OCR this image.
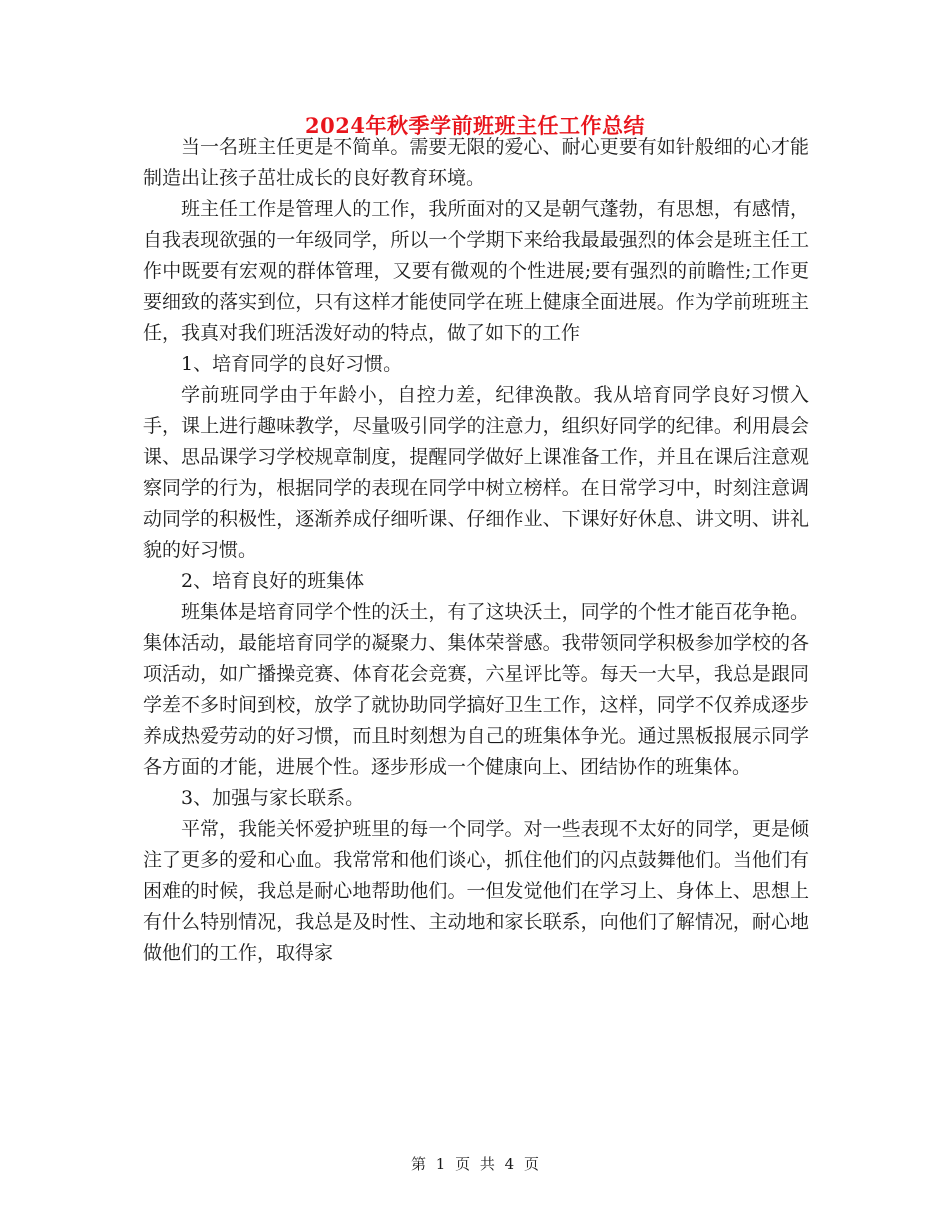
2024年秋季学前班班主任工作总结

当一名班主任更是不简单。需要无限的爱心、耐心更要有如针般细的心才能制造出让孩子茁壮成长的良好教育环境。

班主任工作是管理人的工作，我所面对的又是朝气蓬勃，有思想，有感情，自我表现欲强的一年级同学，所以一个学期下来给我最最强烈的体会是班主任工作中既要有宏观的群体管理，又要有微观的个性进展;要有强烈的前瞻性;工作更要细致的落实到位，只有这样才能使同学在班上健康全面进展。作为学前班班主任，我真对我们班活泼好动的特点，做了如下的工作

1、培育同学的良好习惯。

学前班同学由于年龄小，自控力差，纪律涣散。我从培育同学良好习惯入手，课上进行趣味教学，尽量吸引同学的注意力，组织好同学的纪律。利用晨会课、思品课学习学校规章制度，提醒同学做好上课准备工作，并且在课后注意观察同学的行为，根据同学的表现在同学中树立榜样。在日常学习中，时刻注意调动同学的积极性，逐渐养成仔细听课、仔细作业、下课好好休息、讲文明、讲礼貌的好习惯。

2、培育良好的班集体

班集体是培育同学个性的沃土，有了这块沃土，同学的个性才能百花争艳。集体活动，最能培育同学的凝聚力、集体荣誉感。我带领同学积极参加学校的各项活动，如广播操竞赛、体育花会竞赛，六星评比等。每天一大早，我总是跟同学差不多时间到校，放学了就协助同学搞好卫生工作，这样，同学不仅养成逐步养成热爱劳动的好习惯，而且时刻想为自己的班集体争光。通过黑板报展示同学各方面的才能，进展个性。逐步形成一个健康向上、团结协作的班集体。

3、加强与家长联系。

平常，我能关怀爱护班里的每一个同学。对一些表现不太好的同学，更是倾注了更多的爱和心血。我常常和他们谈心，抓住他们的闪点鼓舞他们。当他们有困难的时候，我总是耐心地帮助他们。一但发觉他们在学习上、身体上、思想上有什么特别情况，我总是及时性、主动地和家长联系，向他们了解情况，耐心地做他们的工作，取得家

第 1 页 共 4 页
